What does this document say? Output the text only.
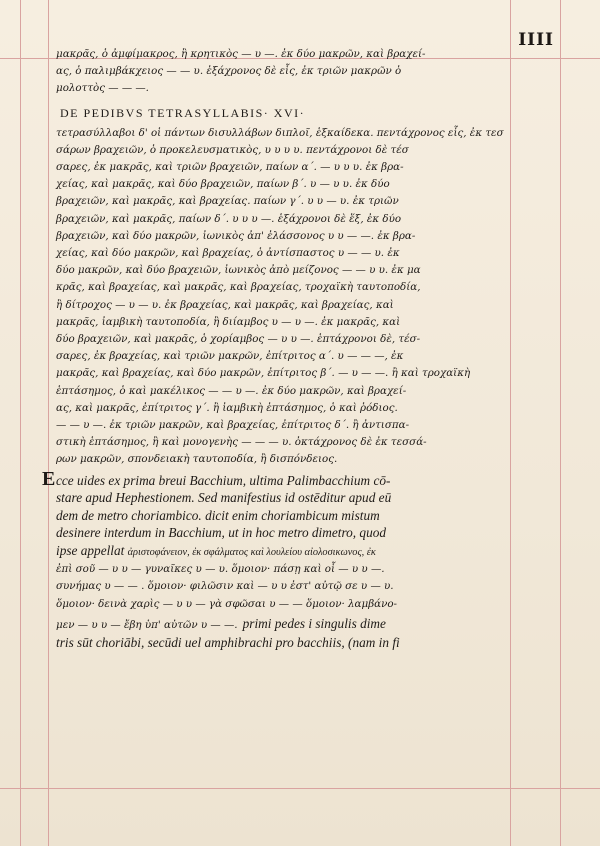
IIII
μακρᾶς, ὁ ἀμφίμακρος, ἢ κρητικὸς — υ —. ἐκ δύο μακρῶν, καὶ βραχεί-
ας, ὁ παλιμβάκχειος — — υ. ἑξάχρονος δὲ εἷς, ἐκ τριῶν μακρῶν ὁ
μολοττὸς — — —.
DE PEDIBVS TETRASYLLABIS· XVI·
τετρασύλλαβοι δ' οἱ πάντων δισυλλάβων διπλοῖ, ἑξκαίδεκα. πεντάχρονος εἷς, ἐκ τεσ
σάρων βραχειῶν, ὁ προκελευσματικὸς, υ υ υ υ. πεντάχρονοι δὲ τέσ
σαρες, ἐκ μακρᾶς, καὶ τριῶν βραχειῶν, παίων α΄. — υ υ υ. ἐκ βρα-
χείας, καὶ μακρᾶς, καὶ δύο βραχειῶν, παίων β΄. υ — υ υ. ἐκ δύο
βραχειῶν, καὶ μακρᾶς, καὶ βραχείας. παίων γ΄. υ υ — υ. ἐκ τριῶν
βραχειῶν, καὶ μακρᾶς, παίων δ΄. υ υ υ —. ἑξάχρονοι δὲ ἕξ, ἐκ δύο
βραχειῶν, καὶ δύο μακρῶν, ἰωνικὸς ἀπ' ἐλάσσονος υ υ — —. ἐκ βρα-
χείας, καὶ δύο μακρῶν, καὶ βραχείας, ὁ ἀντίσπαστος υ — — υ. ἐκ
δύο μακρῶν, καὶ δύο βραχειῶν, ἰωνικὸς ἀπὸ μείζονος — — υ υ. ἐκ μα
κρᾶς, καὶ βραχείας, καὶ μακρᾶς, καὶ βραχείας, τροχαϊκὴ ταυτοποδία,
ἢ δίτροχος — υ — υ. ἐκ βραχείας, καὶ μακρᾶς, καὶ βραχείας, καὶ
μακρᾶς, ἰαμβικὴ ταυτοποδία, ἢ διίαμβος υ — υ —. ἐκ μακρᾶς, καὶ
δύο βραχειῶν, καὶ μακρᾶς, ὁ χορίαμβος — υ υ —. ἑπτάχρονοι δὲ, τέσ-
σαρες, ἐκ βραχείας, καὶ τριῶν μακρῶν, ἐπίτριτος α΄. υ — — —, ἐκ
μακρᾶς, καὶ βραχείας, καὶ δύο μακρῶν, ἐπίτριτος β΄. — υ — —. ἢ καὶ τροχαϊκὴ
ἑπτάσημος, ὁ καὶ μακέλικος — — υ —. ἐκ δύο μακρῶν, καὶ βραχεί-
ας, καὶ μακρᾶς, ἐπίτριτος γ΄. ἢ ἰαμβικὴ ἑπτάσημος, ὁ καὶ ῥόδιος.
— — υ —. ἐκ τριῶν μακρῶν, καὶ βραχείας, ἐπίτριτος δ΄. ἢ ἀντισπα-
στικὴ ἑπτάσημος, ἢ καὶ μονογενὴς — — — υ. ὀκτάχρονος δὲ ἐκ τεσσά-
ρων μακρῶν, σπονδειακὴ ταυτοποδία, ἢ δισπόνδειος.
Ecce uides ex prima breui Bacchium, ultima Palimbacchium cō-
stare apud Hephestionem. Sed manifestius id ostēditur apud eū
dem de metro choriambico. dicit enim choriambicum mistum
desinere interdum in Bacchium, ut in hoc metro dimetro, quod
ipse appellat ἀριστοφάνειον, ἐκ σφάλματος καὶ λουλείου αἰολοσικωνος, ἐκ
ἐπὶ σοῦ — υ υ — γυναῖκες υ — υ. ὅμοιον· πάσῃ καὶ οἷ — υ υ —.
συνήμας υ — — . ὅμοιον· φιλῶσιν καὶ — υ υ ἐστ' αὐτῷ σε υ — υ.
ὅμοιον· δεινὰ χαρὶς — υ υ — γὰ σφῶσαι υ — — ὅμοιον· λαμβάνο-
μεν — υ υ — ἔβη ὑπ' αὐτῶν υ — —. primi pedes i singulis dime
tris sūt choriābi, secūdi uel amphibrachi pro bacchiis, (nam in fi
